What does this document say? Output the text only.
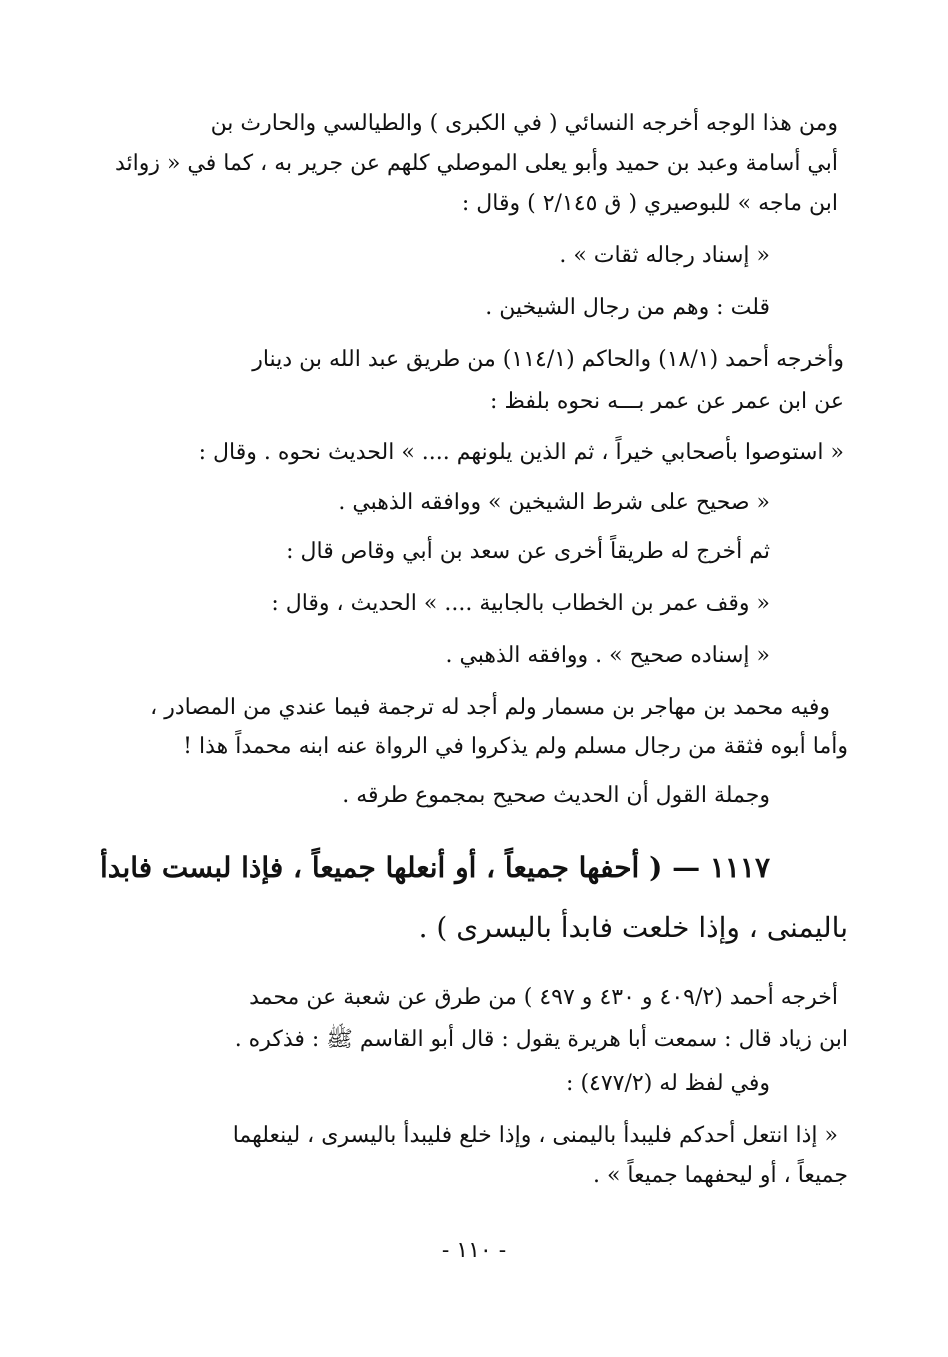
ومن هذا الوجه أخرجه النسائي ( في الكبرى ) والطيالسي والحارث بن
أبي أسامة وعبد بن حميد وأبو يعلى الموصلي كلهم عن جرير به ، كما في « زوائد
ابن ماجه » للبوصيري ( ق ٢/١٤٥ ) وقال :
« إسناد رجاله ثقات » .
قلت : وهم من رجال الشيخين .
وأخرجه أحمد (١٨/١) والحاكم (١١٤/١) من طريق عبد الله بن دينار
عن ابن عمر عن عمر بـــه نحوه بلفظ :
« استوصوا بأصحابي خيراً ، ثم الذين يلونهم .... » الحديث نحوه . وقال :
« صحيح على شرط الشيخين » ووافقه الذهبي .
ثم أخرج له طريقاً أخرى عن سعد بن أبي وقاص قال :
« وقف عمر بن الخطاب بالجابية .... » الحديث ، وقال :
« إسناده صحيح » . ووافقه الذهبي .
وفيه محمد بن مهاجر بن مسمار ولم أجد له ترجمة فيما عندي من المصادر ،
وأما أبوه فثقة من رجال مسلم ولم يذكروا في الرواة عنه ابنه محمداً هذا !
وجملة القول أن الحديث صحيح بمجموع طرقه .
١١١٧ — ( أحفها جميعاً ، أو أنعلها جميعاً ، فإذا لبست فابدأ
باليمنى ، وإذا خلعت فابدأ باليسرى ) .
أخرجه أحمد (٤٠٩/٢ و ٤٣٠ و ٤٩٧ ) من طرق عن شعبة عن محمد
ابن زياد قال : سمعت أبا هريرة يقول : قال أبو القاسم ﷺ : فذكره .
وفي لفظ له (٤٧٧/٢) :
« إذا انتعل أحدكم فليبدأ باليمنى ، وإذا خلع فليبدأ باليسرى ، لينعلهما
جميعاً ، أو ليحفهما جميعاً » .
- ١١٠ -
